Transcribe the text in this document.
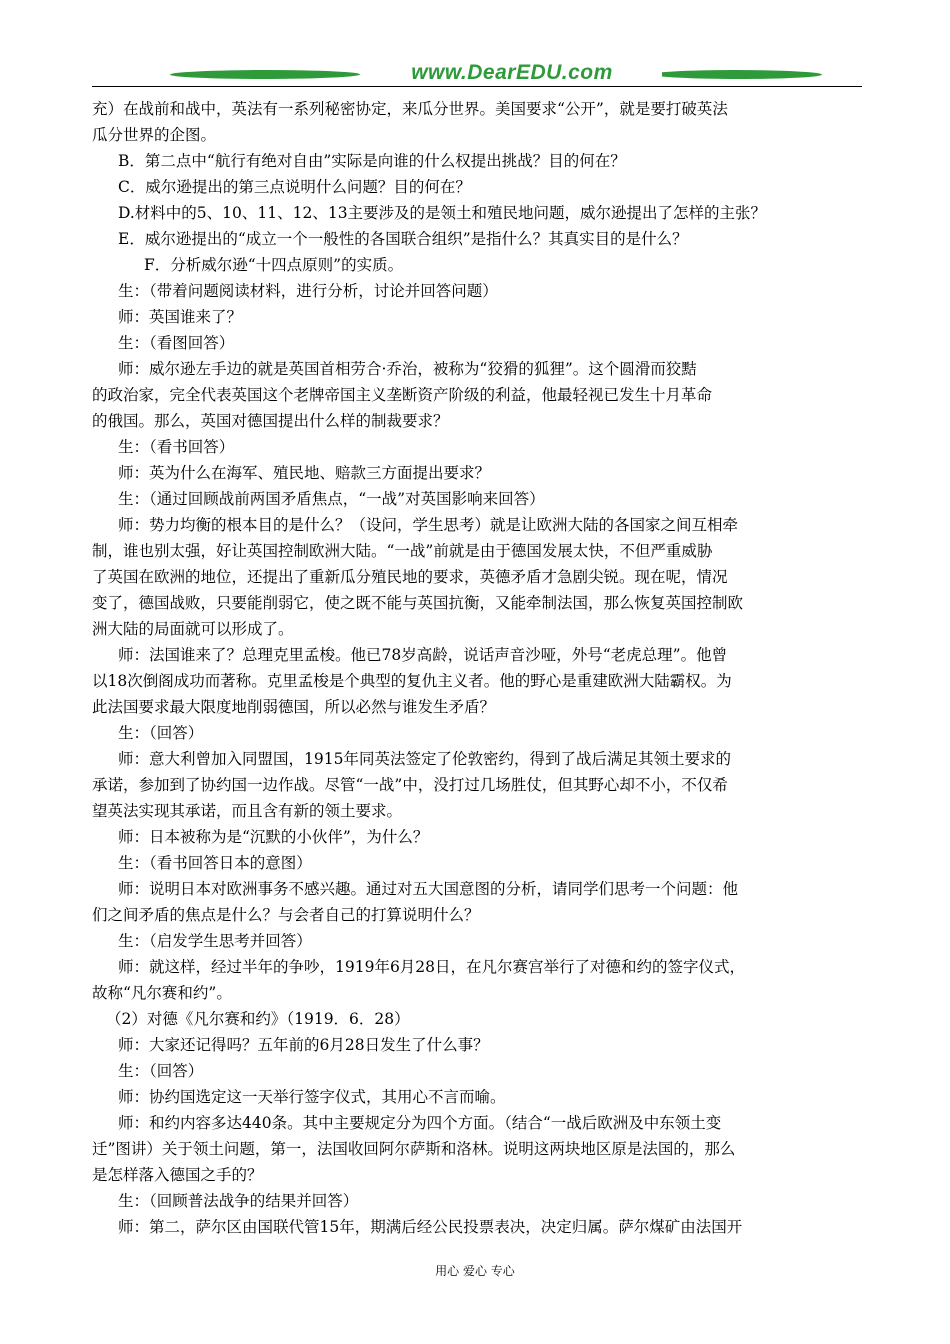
www.DearEDU.com

充）在战前和战中，英法有一系列秘密协定，来瓜分世界。美国要求“公开”，就是要打破英法

瓜分世界的企图。

B．第二点中“航行有绝对自由”实际是向谁的什么权提出挑战？目的何在？

C．威尔逊提出的第三点说明什么问题？目的何在？

D.材料中的5、10、11、12、13主要涉及的是领土和殖民地问题，威尔逊提出了怎样的主张？

E．威尔逊提出的“成立一个一般性的各国联合组织”是指什么？其真实目的是什么？

F．分析威尔逊“十四点原则”的实质。

生：（带着问题阅读材料，进行分析，讨论并回答问题）

师：英国谁来了？

生：（看图回答）

师：威尔逊左手边的就是英国首相劳合·乔治，被称为“狡猾的狐狸”。这个圆滑而狡黠

的政治家，完全代表英国这个老牌帝国主义垄断资产阶级的利益，他最轻视已发生十月革命

的俄国。那么，英国对德国提出什么样的制裁要求？

生：（看书回答）

师：英为什么在海军、殖民地、赔款三方面提出要求？

生：（通过回顾战前两国矛盾焦点，“一战”对英国影响来回答）

师：势力均衡的根本目的是什么？（设问，学生思考）就是让欧洲大陆的各国家之间互相牵

制，谁也别太强，好让英国控制欧洲大陆。“一战”前就是由于德国发展太快，不但严重威胁

了英国在欧洲的地位，还提出了重新瓜分殖民地的要求，英德矛盾才急剧尖锐。现在呢，情况

变了，德国战败，只要能削弱它，使之既不能与英国抗衡，又能牵制法国，那么恢复英国控制欧

洲大陆的局面就可以形成了。

师：法国谁来了？总理克里孟梭。他已78岁高龄，说话声音沙哑，外号“老虎总理”。他曾

以18次倒阁成功而著称。克里孟梭是个典型的复仇主义者。他的野心是重建欧洲大陆霸权。为

此法国要求最大限度地削弱德国，所以必然与谁发生矛盾？

生：（回答）

师：意大利曾加入同盟国，1915年同英法签定了伦敦密约，得到了战后满足其领土要求的

承诺，参加到了协约国一边作战。尽管“一战”中，没打过几场胜仗，但其野心却不小，不仅希

望英法实现其承诺，而且含有新的领土要求。

师：日本被称为是“沉默的小伙伴”，为什么？

生：（看书回答日本的意图）

师：说明日本对欧洲事务不感兴趣。通过对五大国意图的分析，请同学们思考一个问题：他

们之间矛盾的焦点是什么？与会者自己的打算说明什么？

生：（启发学生思考并回答）

师：就这样，经过半年的争吵，1919年6月28日，在凡尔赛宫举行了对德和约的签字仪式，

故称“凡尔赛和约”。

（2）对德《凡尔赛和约》（1919．6．28）

师：大家还记得吗？五年前的6月28日发生了什么事？

生：（回答）

师：协约国选定这一天举行签字仪式，其用心不言而喻。

师：和约内容多达440条。其中主要规定分为四个方面。（结合“一战后欧洲及中东领土变

迁”图讲）关于领土问题，第一，法国收回阿尔萨斯和洛林。说明这两块地区原是法国的，那么

是怎样落入德国之手的？

生：（回顾普法战争的结果并回答）

师：第二，萨尔区由国联代管15年，期满后经公民投票表决，决定归属。萨尔煤矿由法国开

用心 爱心 专心
